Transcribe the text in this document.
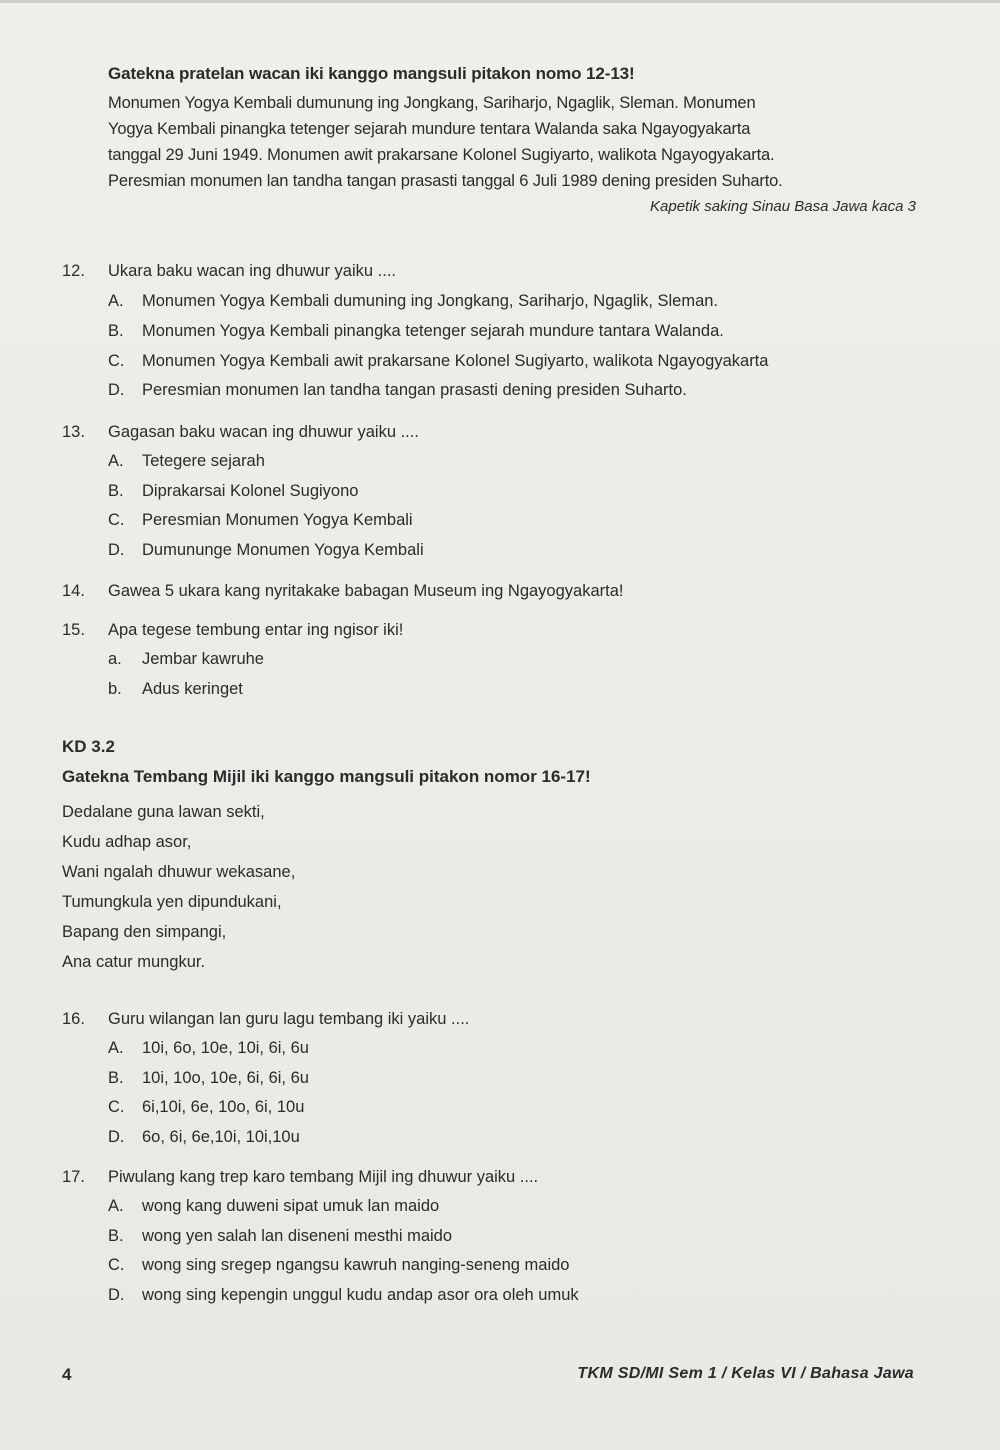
Gatekna pratelan wacan iki kanggo mangsuli pitakon nomo 12-13!
Monumen Yogya Kembali dumunung ing Jongkang, Sariharjo, Ngaglik, Sleman. Monumen
Yogya Kembali pinangka tetenger sejarah mundure tentara Walanda saka Ngayogyakarta
tanggal 29 Juni 1949. Monumen awit prakarsane Kolonel Sugiyarto, walikota Ngayogyakarta.
Peresmian monumen lan tandha tangan prasasti tanggal 6 Juli 1989 dening presiden Suharto.
Kapetik saking Sinau Basa Jawa kaca 3
12. Ukara baku wacan ing dhuwur yaiku ....
A. Monumen Yogya Kembali dumuning ing Jongkang, Sariharjo, Ngaglik, Sleman.
B. Monumen Yogya Kembali pinangka tetenger sejarah mundure tantara Walanda.
C. Monumen Yogya Kembali awit prakarsane Kolonel Sugiyarto, walikota Ngayogyakarta
D. Peresmian monumen lan tandha tangan prasasti dening presiden Suharto.
13. Gagasan baku wacan ing dhuwur yaiku ....
A. Tetegere sejarah
B. Diprakarsai Kolonel Sugiyono
C. Peresmian Monumen Yogya Kembali
D. Dumununge Monumen Yogya Kembali
14. Gawea 5 ukara kang nyritakake babagan Museum ing Ngayogyakarta!
15. Apa tegese tembung entar ing ngisor iki!
a. Jembar kawruhe
b. Adus keringet
KD 3.2
Gatekna Tembang Mijil iki kanggo mangsuli pitakon nomor 16-17!
Dedalane guna lawan sekti,
Kudu adhap asor,
Wani ngalah dhuwur wekasane,
Tumungkula yen dipundukani,
Bapang den simpangi,
Ana catur mungkur.
16. Guru wilangan lan guru lagu tembang iki yaiku ....
A. 10i, 6o, 10e, 10i, 6i, 6u
B. 10i, 10o, 10e, 6i, 6i, 6u
C. 6i,10i, 6e, 10o, 6i, 10u
D. 6o, 6i, 6e,10i, 10i,10u
17. Piwulang kang trep karo tembang Mijil ing dhuwur yaiku ....
A. wong kang duweni sipat umuk lan maido
B. wong yen salah lan diseneni mesthi maido
C. wong sing sregep ngangsu kawruh nanging-seneng maido
D. wong sing kepengin unggul kudu andap asor ora oleh umuk
4	TKM SD/MI Sem 1 / Kelas VI / Bahasa Jawa
